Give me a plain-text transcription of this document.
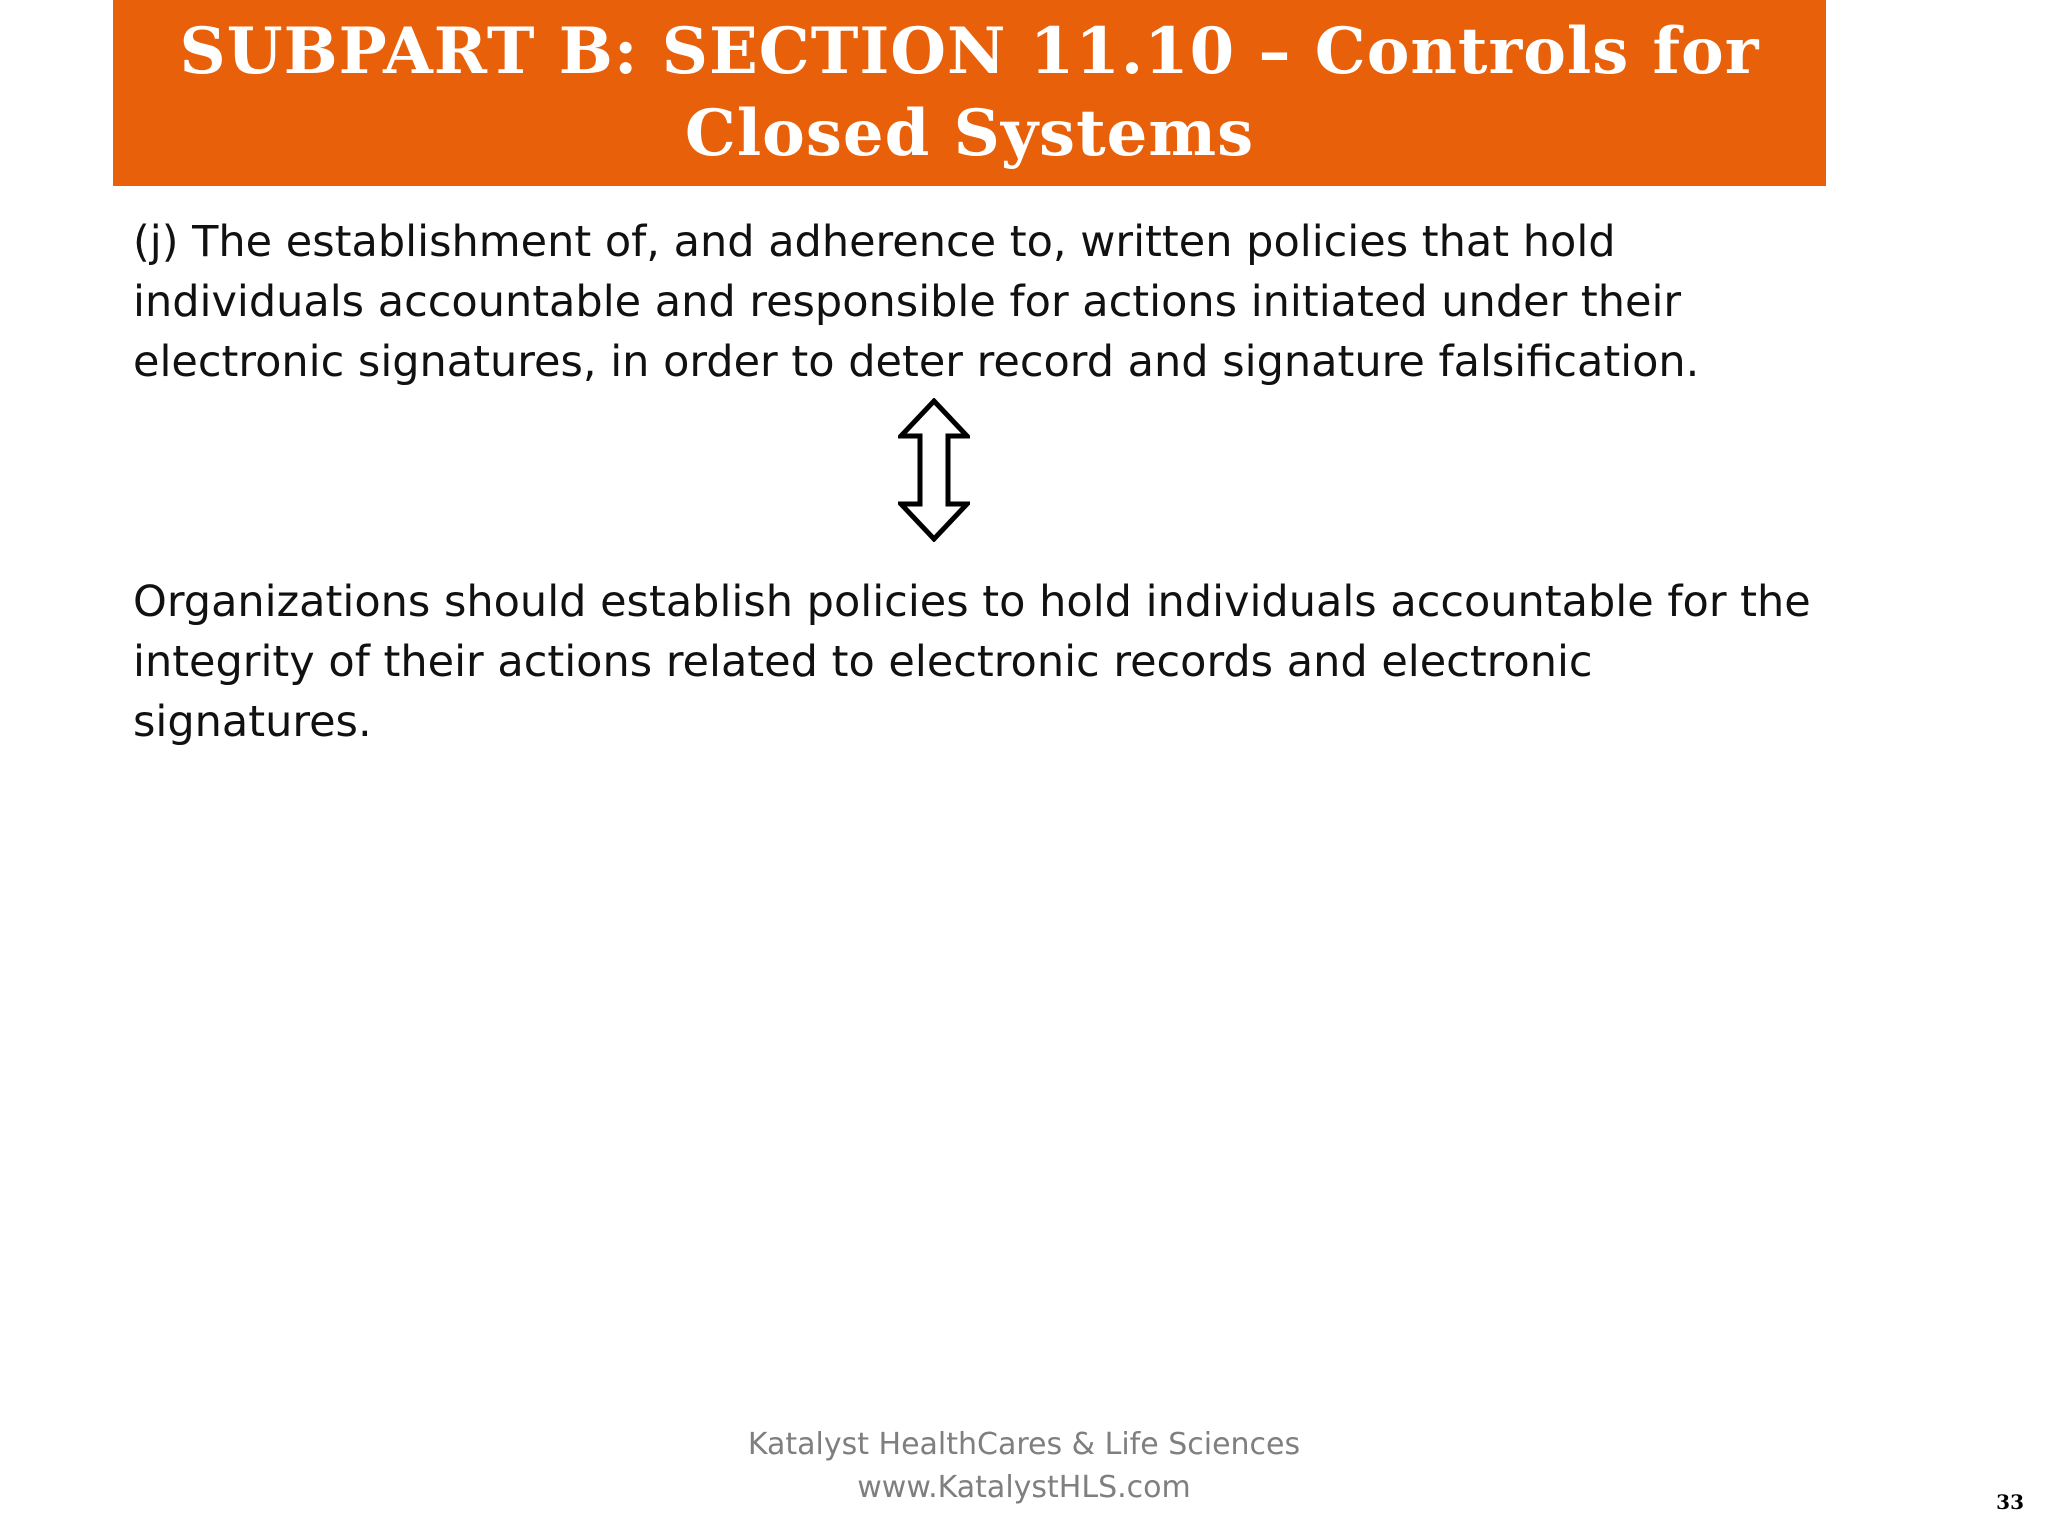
SUBPART B: SECTION 11.10 – Controls for Closed Systems

(j) The establishment of, and adherence to, written policies that hold individuals accountable and responsible for actions initiated under their electronic signatures, in order to deter record and signature falsification.

Organizations should establish policies to hold individuals accountable for the integrity of their actions related to electronic records and electronic signatures.

Katalyst HealthCares & Life Sciences
www.KatalystHLS.com	33
